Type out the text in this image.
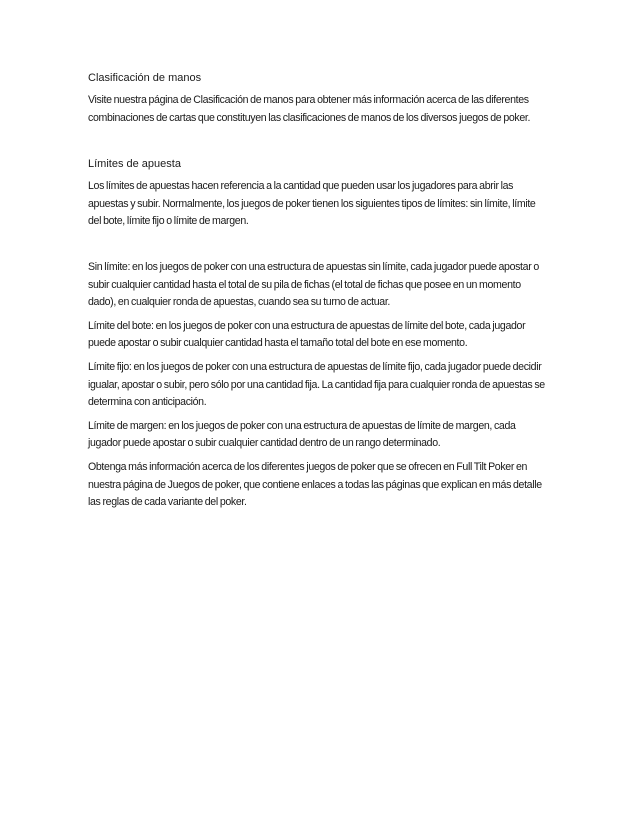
Clasificación de manos

Visite nuestra página de Clasificación de manos para obtener más información acerca de las diferentes combinaciones de cartas que constituyen las clasificaciones de manos de los diversos juegos de poker.

Límites de apuesta

Los límites de apuestas hacen referencia a la cantidad que pueden usar los jugadores para abrir las apuestas y subir. Normalmente, los juegos de poker tienen los siguientes tipos de límites: sin límite, límite del bote, límite fijo o límite de margen.

Sin límite: en los juegos de poker con una estructura de apuestas sin límite, cada jugador puede apostar o subir cualquier cantidad hasta el total de su pila de fichas (el total de fichas que posee en un momento dado), en cualquier ronda de apuestas, cuando sea su turno de actuar.

Límite del bote: en los juegos de poker con una estructura de apuestas de límite del bote, cada jugador puede apostar o subir cualquier cantidad hasta el tamaño total del bote en ese momento.

Límite fijo: en los juegos de poker con una estructura de apuestas de límite fijo, cada jugador puede decidir igualar, apostar o subir, pero sólo por una cantidad fija. La cantidad fija para cualquier ronda de apuestas se determina con anticipación.

Límite de margen: en los juegos de poker con una estructura de apuestas de límite de margen, cada jugador puede apostar o subir cualquier cantidad dentro de un rango determinado.

Obtenga más información acerca de los diferentes juegos de poker que se ofrecen en Full Tilt Poker en nuestra página de Juegos de poker, que contiene enlaces a todas las páginas que explican en más detalle las reglas de cada variante del poker.
